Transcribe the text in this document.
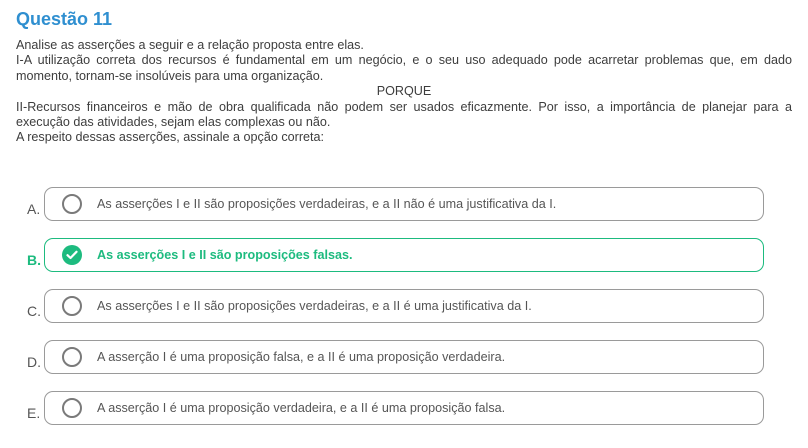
Questão 11

Analise as asserções a seguir e a relação proposta entre elas.

I-A utilização correta dos recursos é fundamental em um negócio, e o seu uso adequado pode acarretar problemas que, em dado momento, tornam-se insolúveis para uma organização.

PORQUE

II-Recursos financeiros e mão de obra qualificada não podem ser usados eficazmente. Por isso, a importância de planejar para a execução das atividades, sejam elas complexas ou não.

A respeito dessas asserções, assinale a opção correta:

A.	As asserções I e II são proposições verdadeiras, e a II não é uma justificativa da I.
B.	As asserções I e II são proposições falsas.
C.	As asserções I e II são proposições verdadeiras, e a II é uma justificativa da I.
D.	A asserção I é uma proposição falsa, e a II é uma proposição verdadeira.
E.	A asserção I é uma proposição verdadeira, e a II é uma proposição falsa.
